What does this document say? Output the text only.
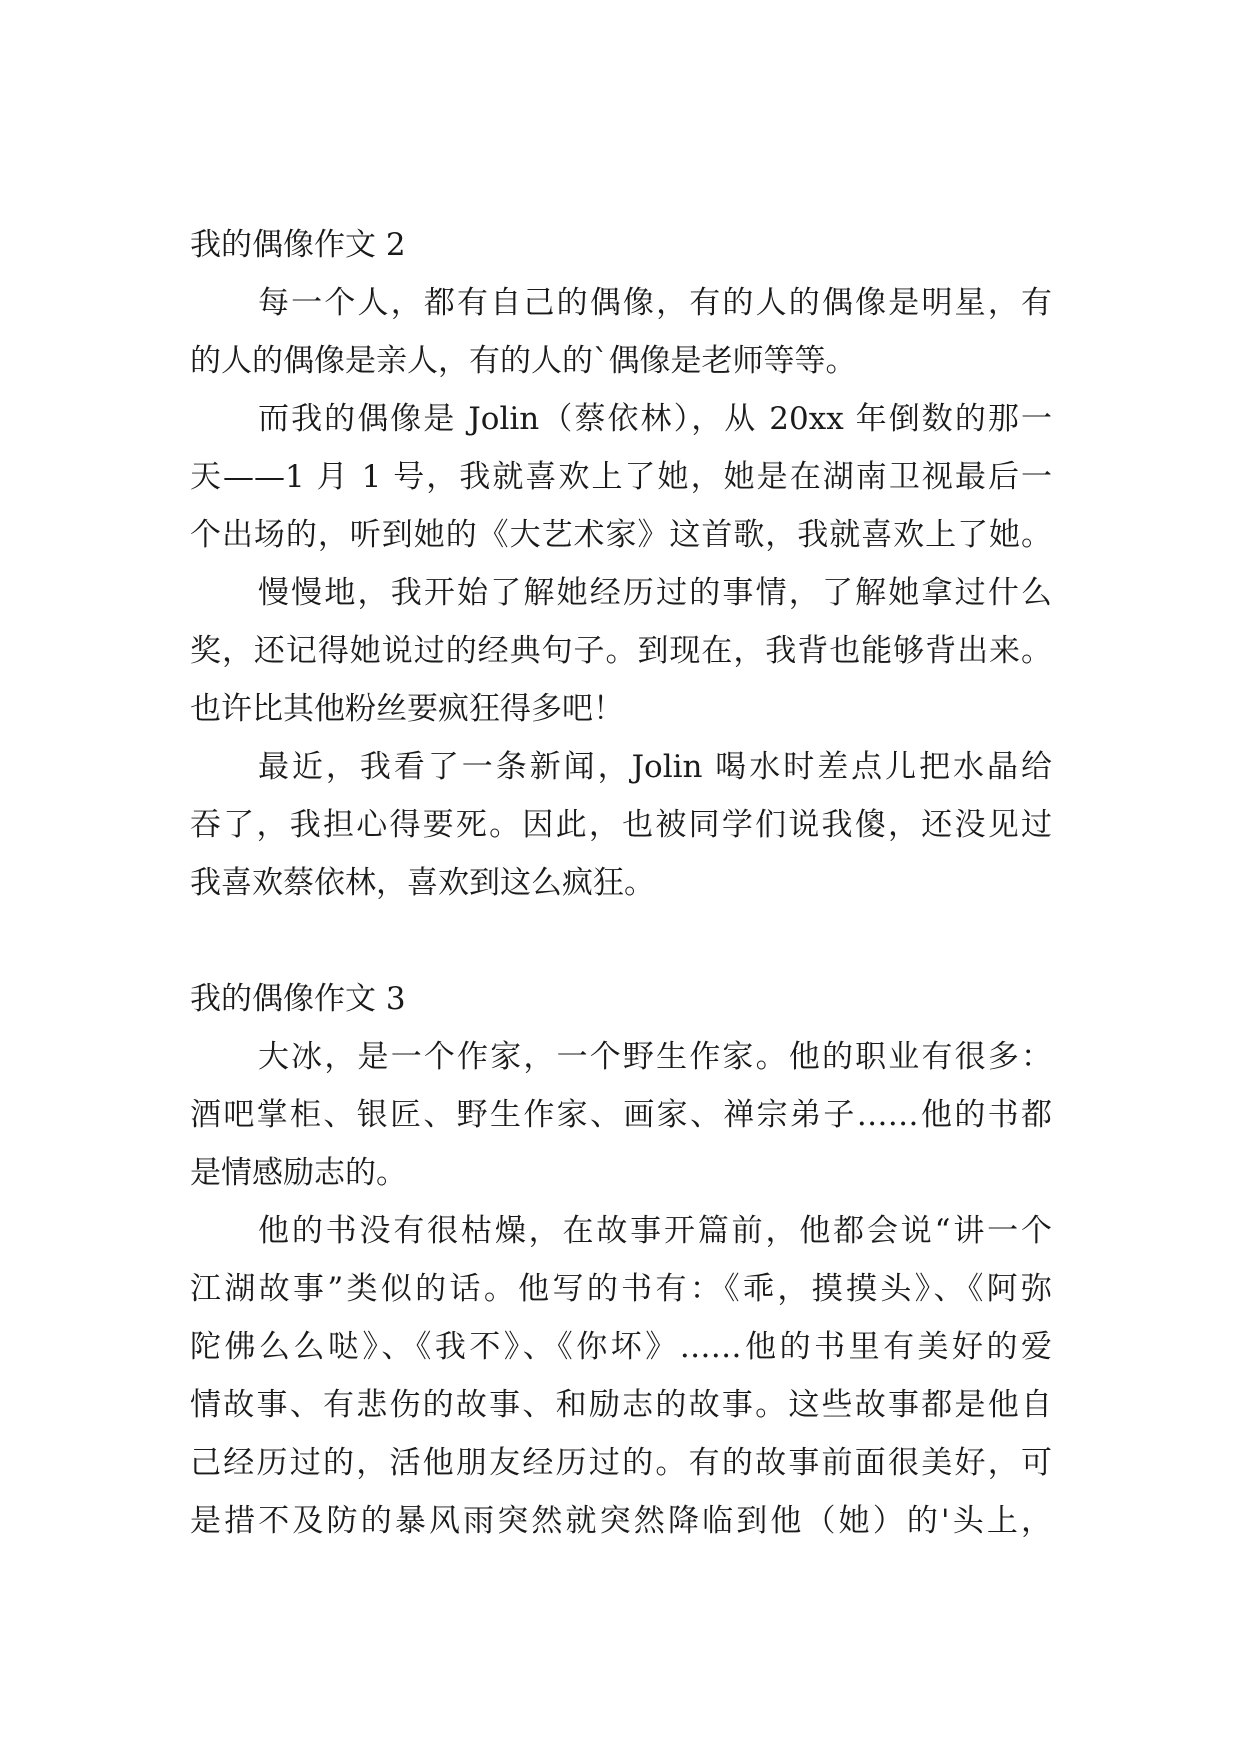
我的偶像作文 2
每一个人，都有自己的偶像，有的人的偶像是明星，有
的人的偶像是亲人，有的人的`偶像是老师等等。
而我的偶像是 Jolin（蔡依林），从 20xx 年倒数的那一
天——1 月 1 号，我就喜欢上了她，她是在湖南卫视最后一
个出场的，听到她的《大艺术家》这首歌，我就喜欢上了她。
慢慢地，我开始了解她经历过的事情，了解她拿过什么
奖，还记得她说过的经典句子。到现在，我背也能够背出来。
也许比其他粉丝要疯狂得多吧！
最近，我看了一条新闻，Jolin 喝水时差点儿把水晶给
吞了，我担心得要死。因此，也被同学们说我傻，还没见过
我喜欢蔡依林，喜欢到这么疯狂。
我的偶像作文 3
大冰，是一个作家，一个野生作家。他的职业有很多：
酒吧掌柜、银匠、野生作家、画家、禅宗弟子……他的书都
是情感励志的。
他的书没有很枯燥，在故事开篇前，他都会说“讲一个
江湖故事”类似的话。他写的书有：《乖，摸摸头》、《阿弥
陀佛么么哒》、《我不》、《你坏》……他的书里有美好的爱
情故事、有悲伤的故事、和励志的故事。这些故事都是他自
己经历过的，活他朋友经历过的。有的故事前面很美好，可
是措不及防的暴风雨突然就突然降临到他（她）的'头上，
